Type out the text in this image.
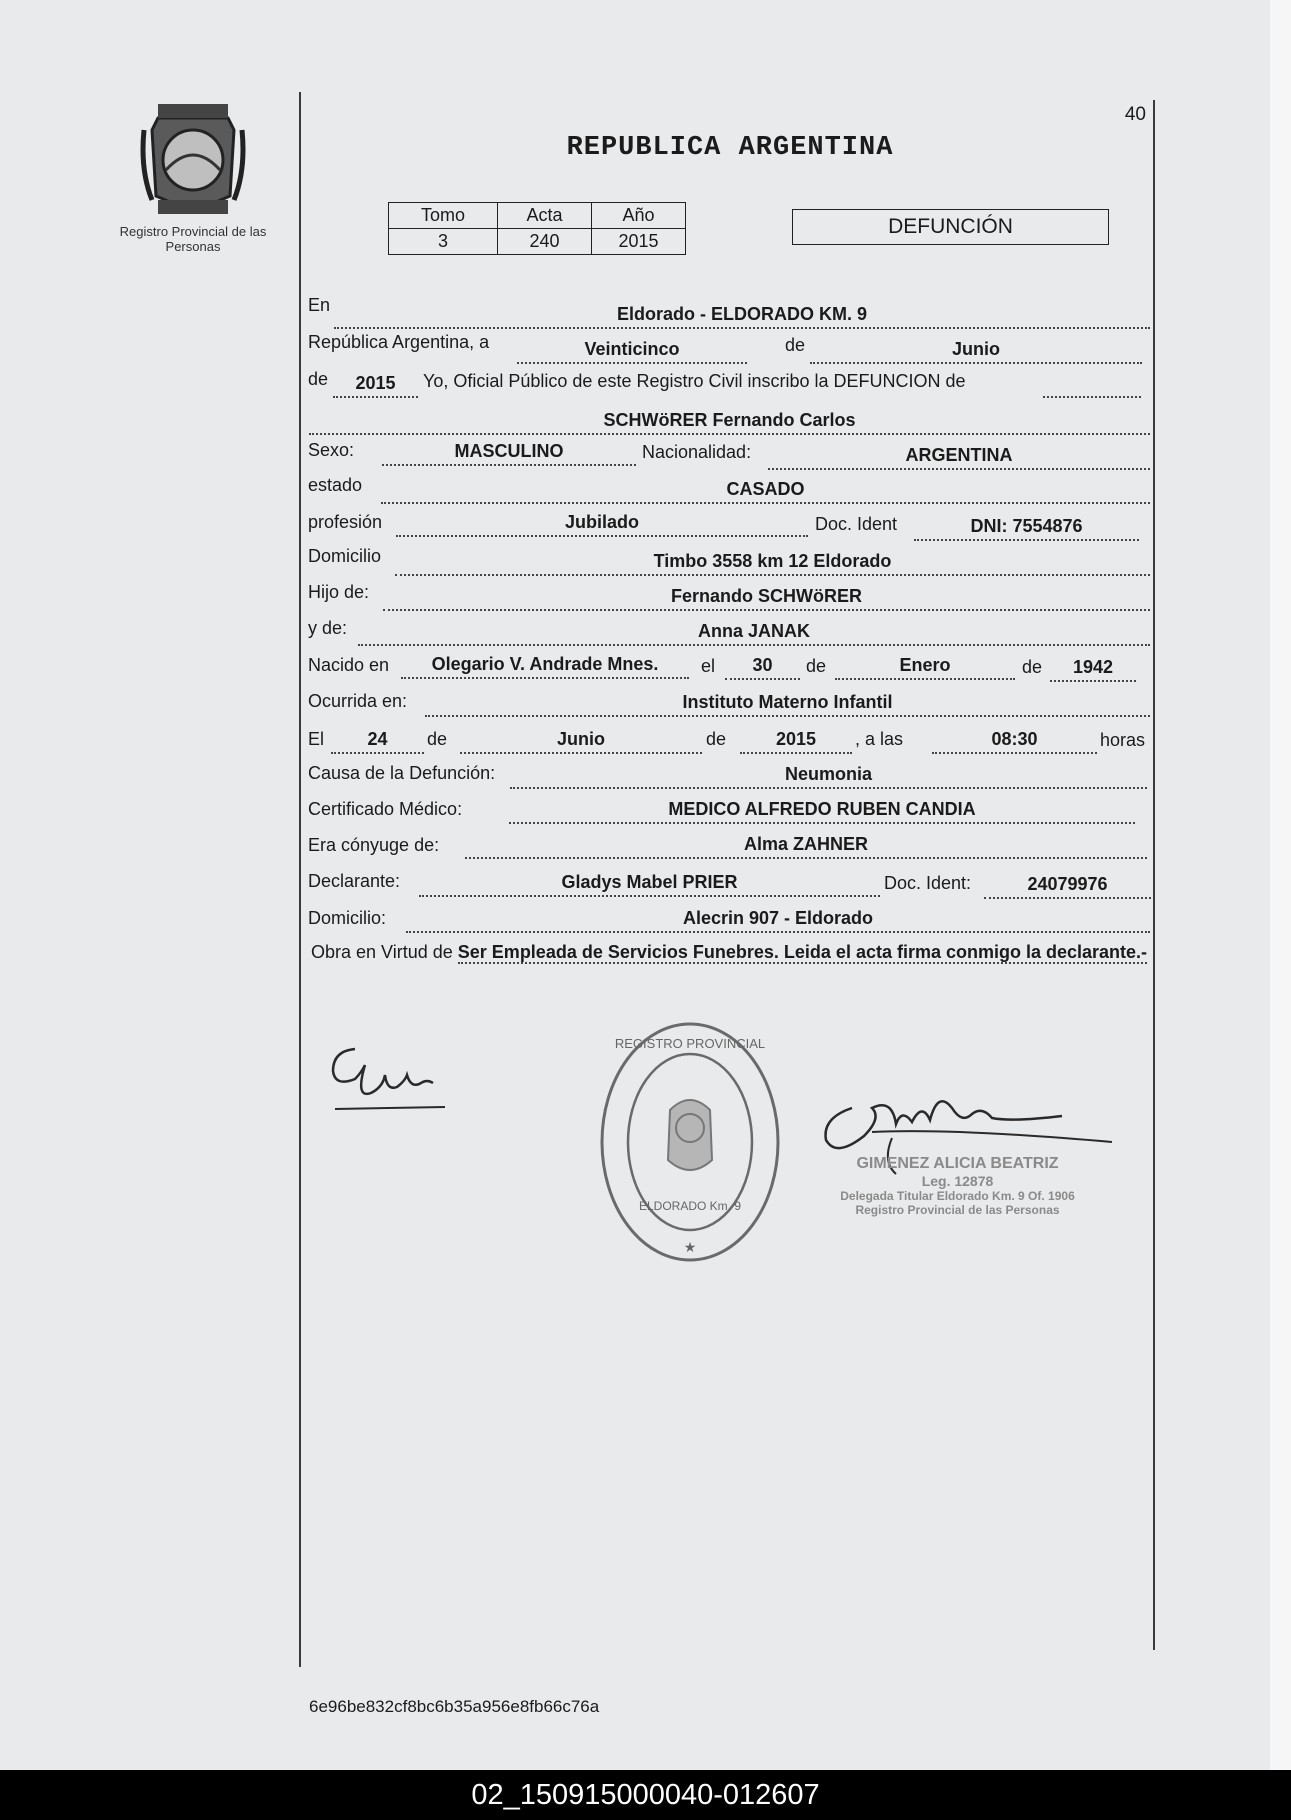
Registro Provincial de las Personas
40
REPUBLICA ARGENTINA
Tomo	Acta	Año
3	240	2015
DEFUNCIÓN
En	Eldorado - ELDORADO KM. 9
República Argentina, a	Veinticinco	de	Junio
de	2015	Yo, Oficial Público de este Registro Civil inscribo la DEFUNCION de
SCHWöRER Fernando Carlos
Sexo:	MASCULINO	Nacionalidad:	ARGENTINA
estado	CASADO
profesión	Jubilado	Doc. Ident	DNI: 7554876
Domicilio	Timbo 3558 km 12 Eldorado
Hijo de:	Fernando SCHWöRER
y de:	Anna JANAK
Nacido en	Olegario V. Andrade Mnes.	el	30	de	Enero	de	1942
Ocurrida en:	Instituto Materno Infantil
El	24	de	Junio	de	2015	, a las	08:30	horas
Causa de la Defunción:	Neumonia
Certificado Médico:	MEDICO ALFREDO RUBEN CANDIA
Era cónyuge de:	Alma ZAHNER
Declarante:	Gladys Mabel PRIER	Doc. Ident:	24079976
Domicilio:	Alecrin 907 - Eldorado
Obra en Virtud de Ser Empleada de Servicios Funebres. Leida el acta firma conmigo la declarante.-
REGISTRO PROVINCIAL
ELDORADO Km. 9
★
GIMENEZ ALICIA BEATRIZ
Leg. 12878
Delegada Titular Eldorado Km. 9 Of. 1906
Registro Provincial de las Personas
6e96be832cf8bc6b35a956e8fb66c76a
02_150915000040-012607
